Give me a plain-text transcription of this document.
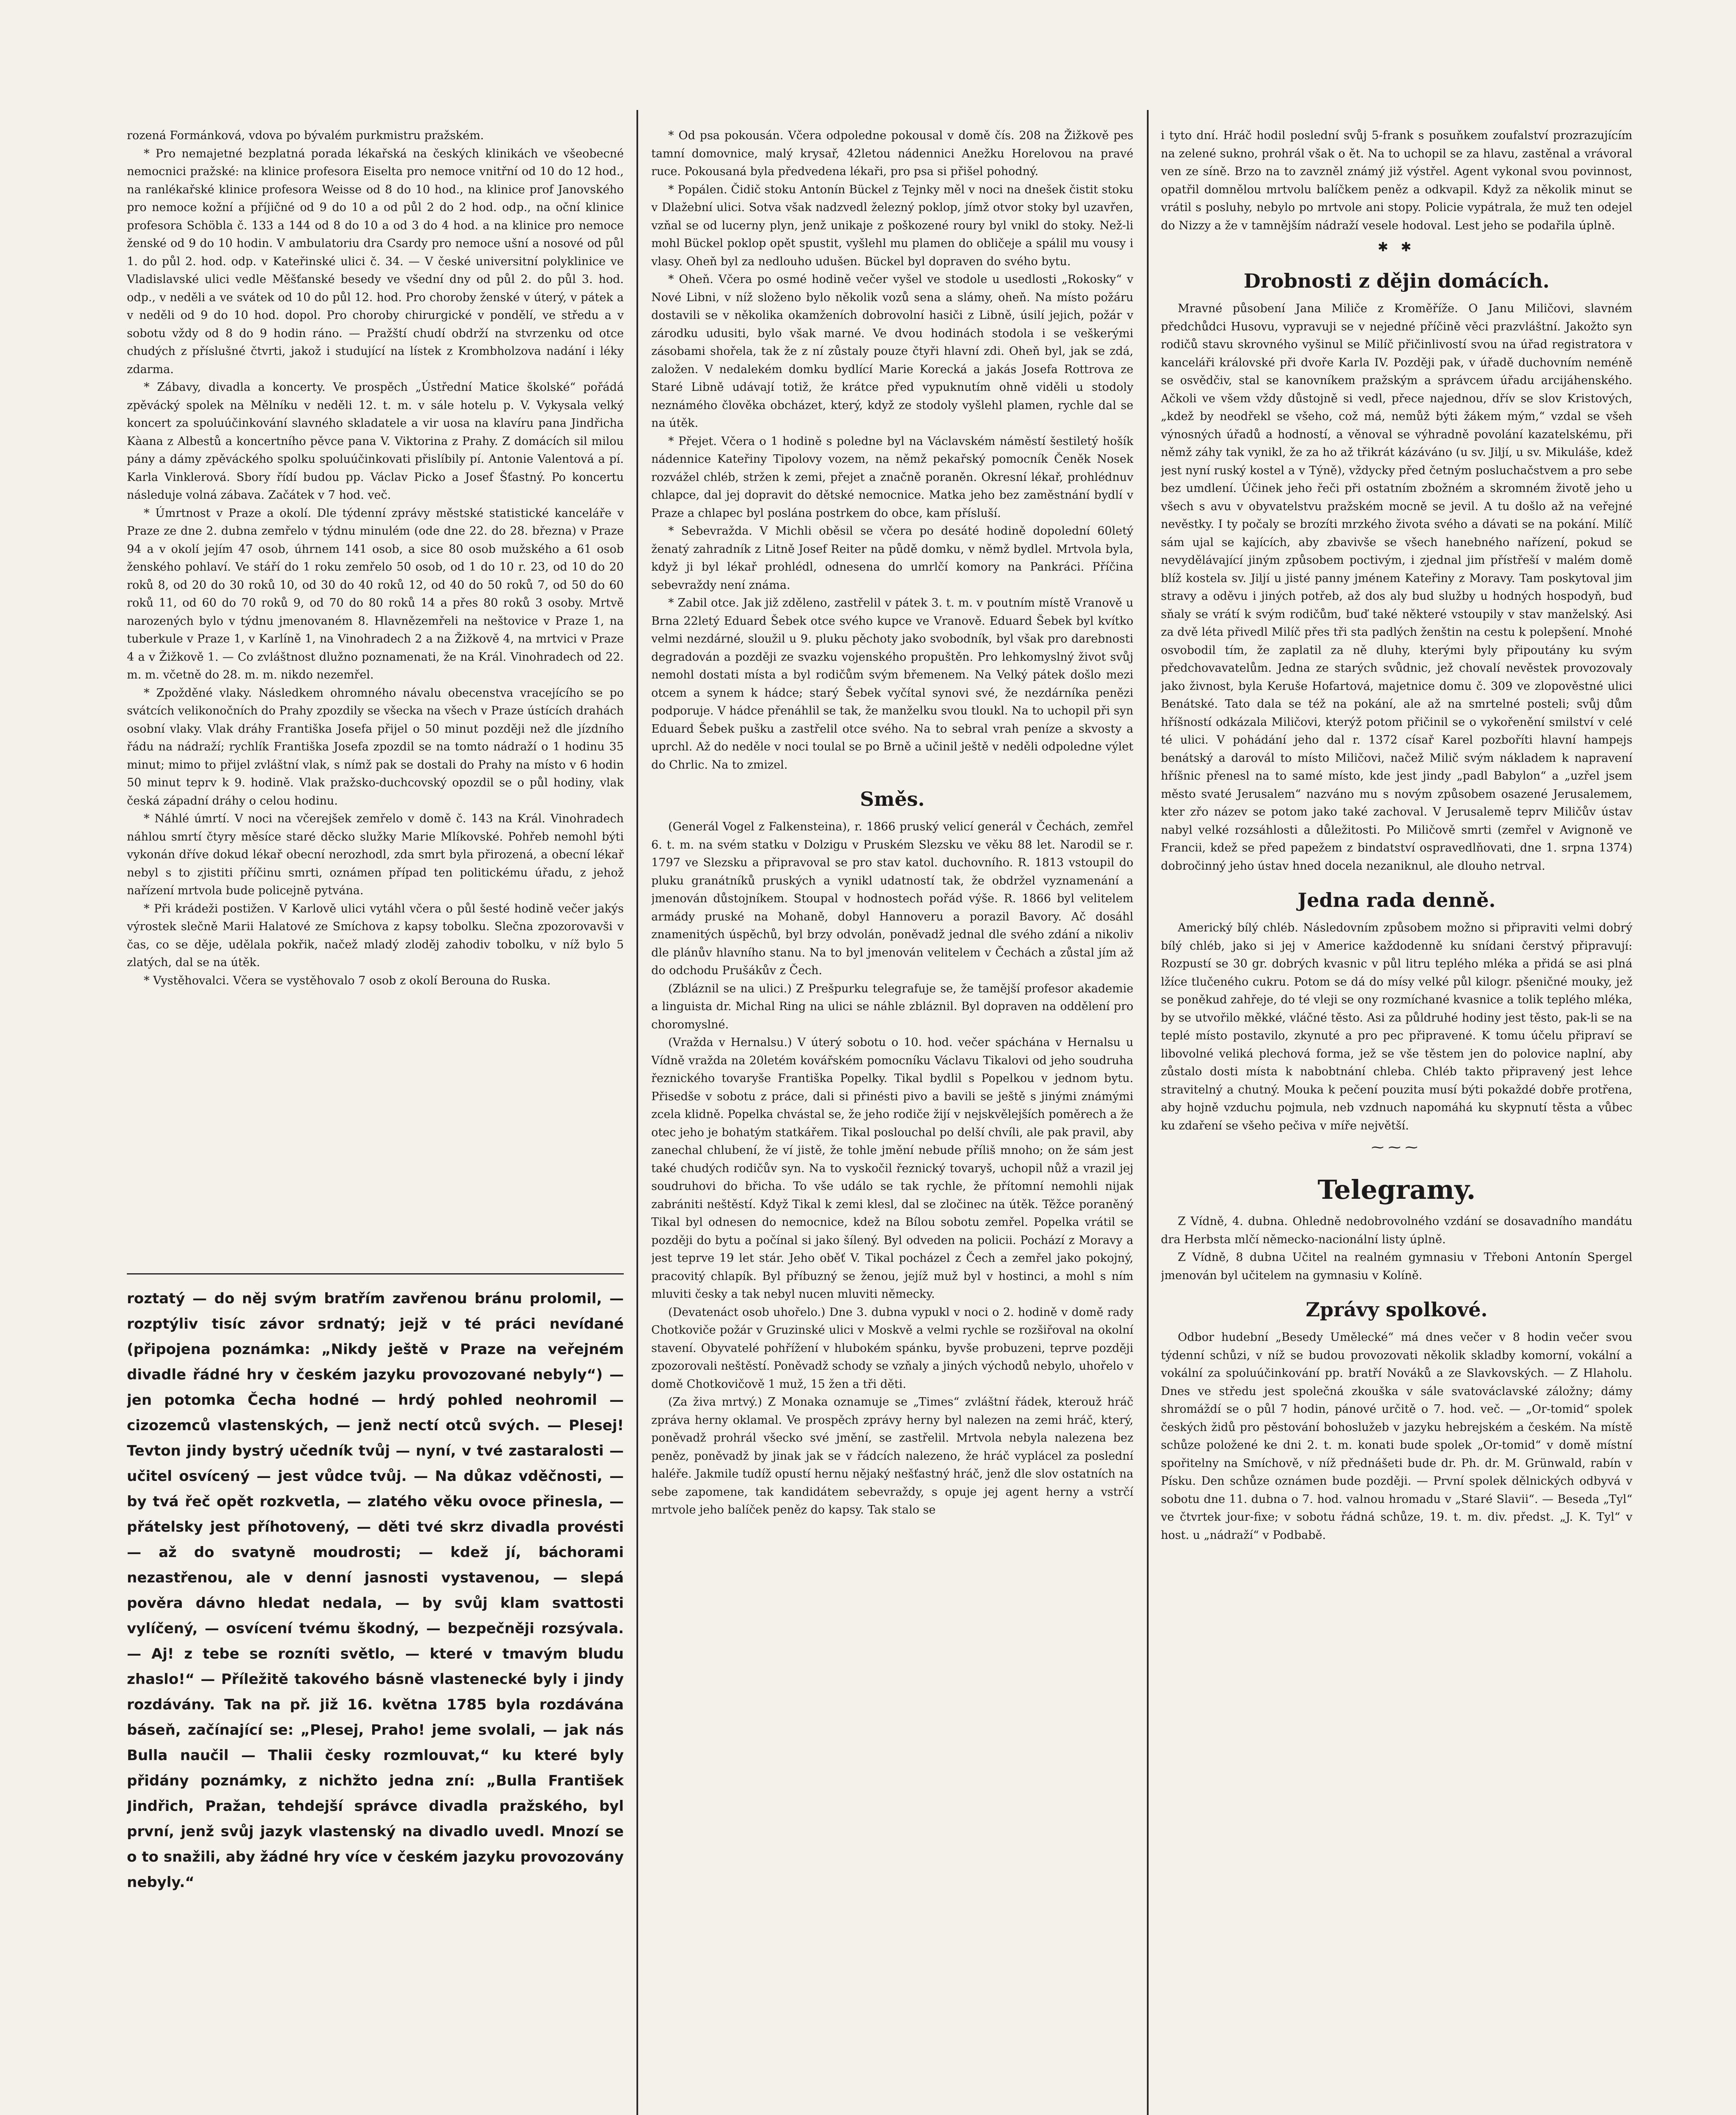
rozená Formánková, vdova po bývalém purkmistru pražském.

* Pro nemajetné bezplatná porada lékařská na českých klinikách ve všeobecné nemocnici pražské: na klinice profesora Eiselta pro nemoce vnitřní od 10 do 12 hod., na ranlékařské klinice profesora Weisse od 8 do 10 hod., na klinice prof Janovského pro nemoce kožní a příjičné od 9 do 10 a od půl 2 do 2 hod. odp., na oční klinice profesora Schöbla č. 133 a 144 od 8 do 10 a od 3 do 4 hod. a na klinice pro nemoce ženské od 9 do 10 hodin. V ambulatoriu dra Csardy pro nemoce ušní a nosové od půl 1. do půl 2. hod. odp. v Kateřinské ulici č. 34. — V české universitní polyklinice ve Vladislavské ulici vedle Měšťanské besedy ve všední dny od půl 2. do půl 3. hod. odp., v neděli a ve svátek od 10 do půl 12. hod. Pro choroby ženské v úterý, v pátek a v neděli od 9 do 10 hod. dopol. Pro choroby chirurgické v pondělí, ve středu a v sobotu vždy od 8 do 9 hodin ráno. — Pražští chudí obdrží na stvrzenku od otce chudých z příslušné čtvrti, jakož i studující na lístek z Krombholzova nadání i léky zdarma.

* Zábavy, divadla a koncerty. Ve prospěch „Ústřední Matice školské“ pořádá zpěvácký spolek na Mělníku v neděli 12. t. m. v sále hotelu p. V. Vykysala velký koncert za spoluúčinkování slavného skladatele a vir uosa na klavíru pana Jindřicha Kàana z Albestů a koncertního pěvce pana V. Viktorina z Prahy. Z domácích sil milou pány a dámy zpěváckého spolku spoluúčinkovati přislíbily pí. Antonie Valentová a pí. Karla Vinklerová. Sbory řídí budou pp. Václav Picko a Josef Šťastný. Po koncertu následuje volná zábava. Začátek v 7 hod. več.

* Úmrtnost v Praze a okolí. Dle týdenní zprávy městské statistické kanceláře v Praze ze dne 2. dubna zemřelo v týdnu minulém (ode dne 22. do 28. března) v Praze 94 a v okolí jejím 47 osob, úhrnem 141 osob, a sice 80 osob mužského a 61 osob ženského pohlaví. Ve stáří do 1 roku zemřelo 50 osob, od 1 do 10 r. 23, od 10 do 20 roků 8, od 20 do 30 roků 10, od 30 do 40 roků 12, od 40 do 50 roků 7, od 50 do 60 roků 11, od 60 do 70 roků 9, od 70 do 80 roků 14 a přes 80 roků 3 osoby. Mrtvě narozených bylo v týdnu jmenovaném 8. Hlavnězemřeli na neštovice v Praze 1, na tuberkule v Praze 1, v Karlíně 1, na Vinohradech 2 a na Žižkově 4, na mrtvici v Praze 4 a v Žižkově 1. — Co zvláštnost dlužno poznamenati, že na Král. Vinohradech od 22. m. m. včetně do 28. m. m. nikdo nezemřel.

* Zpožděné vlaky. Následkem ohromného návalu obecenstva vracejícího se po svátcích velikonočních do Prahy zpozdily se všecka na všech v Praze ústících drahách osobní vlaky. Vlak dráhy Františka Josefa přijel o 50 minut později než dle jízdního řádu na nádraží; rychlík Františka Josefa zpozdil se na tomto nádraží o 1 hodinu 35 minut; mimo to přijel zvláštní vlak, s nímž pak se dostali do Prahy na místo v 6 hodin 50 minut teprv k 9. hodině. Vlak pražsko-duchcovský opozdil se o půl hodiny, vlak česká západní dráhy o celou hodinu.

* Náhlé úmrtí. V noci na včerejšek zemřelo v domě č. 143 na Král. Vinohradech náhlou smrtí čtyry měsíce staré děcko služky Marie Mlíkovské. Pohřeb nemohl býti vykonán dříve dokud lékař obecní nerozhodl, zda smrt byla přirozená, a obecní lékař nebyl s to zjistiti příčinu smrti, oznámen případ ten politickému úřadu, z jehož nařízení mrtvola bude policejně pytvána.

* Při krádeži postižen. V Karlově ulici vytáhl včera o půl šesté hodině večer jakýs výrostek slečně Marii Halatové ze Smíchova z kapsy tobolku. Slečna zpozorovavši v čas, co se děje, udělala pokřik, načež mladý zloděj zahodiv tobolku, v níž bylo 5 zlatých, dal se na útěk.

* Vystěhovalci. Včera se vystěhovalo 7 osob z okolí Berouna do Ruska.

roztatý — do něj svým bratřím zavřenou bránu prolomil, — rozptýliv tisíc závor srdnatý; jejž v té práci nevídané (připojena poznámka: „Nikdy ještě v Praze na veřejném divadle řádné hry v českém jazyku provozované nebyly“) — jen potomka Čecha hodné — hrdý pohled neohromil — cizozemců vlastenských, — jenž nectí otců svých. — Plesej! Tevton jindy bystrý učedník tvůj — nyní, v tvé zastaralosti — učitel osvícený — jest vůdce tvůj. — Na důkaz vděčnosti, — by tvá řeč opět rozkvetla, — zlatého věku ovoce přinesla, — přátelsky jest příhotovený, — děti tvé skrz divadla provésti — až do svatyně moudrosti; — kdež jí, báchorami nezastřenou, ale v denní jasnosti vystavenou, — slepá pověra dávno hledat nedala, — by svůj klam svattosti vylíčený, — osvícení tvému škodný, — bezpečněji rozsývala. — Aj! z tebe se rozníti světlo, — které v tmavým bludu zhaslo!“ — Příležitě takového básně vlastenecké byly i jindy rozdávány. Tak na př. již 16. května 1785 byla rozdávána báseň, začínající se: „Plesej, Praho! jeme svolali, — jak nás Bulla naučil — Thalii česky rozmlouvat,“ ku které byly přidány poznámky, z nichžto jedna zní: „Bulla František Jindřich, Pražan, tehdejší správce divadla pražského, byl první, jenž svůj jazyk vlastenský na divadlo uvedl. Mnozí se o to snažili, aby žádné hry více v českém jazyku provozovány nebyly.“

* Od psa pokousán. Včera odpoledne pokousal v domě čís. 208 na Žižkově pes tamní domovnice, malý krysař, 42letou nádennici Anežku Horelovou na pravé ruce. Pokousaná byla předvedena lékaři, pro psa si přišel pohodný.

* Popálen. Čidič stoku Antonín Bückel z Tejnky měl v noci na dnešek čistit stoku v Dlažební ulici. Sotva však nadzvedl železný poklop, jímž otvor stoky byl uzavřen, vzňal se od lucerny plyn, jenž unikaje z poškozené roury byl vnikl do stoky. Než-li mohl Bückel poklop opět spustit, vyšlehl mu plamen do obličeje a spálil mu vousy i vlasy. Oheň byl za nedlouho udušen. Bückel byl dopraven do svého bytu.

* Oheň. Včera po osmé hodině večer vyšel ve stodole u usedlosti „Rokosky“ v Nové Libni, v níž složeno bylo několik vozů sena a slámy, oheň. Na místo požáru dostavili se v několika okamženích dobrovolní hasiči z Libně, úsilí jejich, požár v zárodku udusiti, bylo však marné. Ve dvou hodinách stodola i se veškerými zásobami shořela, tak že z ní zůstaly pouze čtyři hlavní zdi. Oheň byl, jak se zdá, založen. V nedalekém domku bydlící Marie Korecká a jakás Josefa Rottrova ze Staré Libně udávají totiž, že krátce před vypuknutím ohně viděli u stodoly neznámého člověka obcházet, který, když ze stodoly vyšlehl plamen, rychle dal se na útěk.

* Přejet. Včera o 1 hodině s poledne byl na Václavském náměstí šestiletý hošík nádennice Kateřiny Tipolovy vozem, na němž pekařský pomocník Čeněk Nosek rozvážel chléb, stržen k zemi, přejet a značně poraněn. Okresní lékař, prohlédnuv chlapce, dal jej dopravit do dětské nemocnice. Matka jeho bez zaměstnání bydlí v Praze a chlapec byl poslána postrkem do obce, kam přísluší.

* Sebevražda. V Michli oběsil se včera po desáté hodině dopolední 60letý ženatý zahradník z Litně Josef Reiter na půdě domku, v němž bydlel. Mrtvola byla, když ji byl lékař prohlédl, odnesena do umrlčí komory na Pankráci. Příčina sebevraždy není známa.

* Zabil otce. Jak již zděleno, zastřelil v pátek 3. t. m. v poutním místě Vranově u Brna 22letý Eduard Šebek otce svého kupce ve Vranově. Eduard Šebek byl kvítko velmi nezdárné, sloužil u 9. pluku pěchoty jako svobodník, byl však pro darebnosti degradován a později ze svazku vojenského propuštěn. Pro lehkomyslný život svůj nemohl dostati místa a byl rodičům svým břemenem. Na Velký pátek došlo mezi otcem a synem k hádce; starý Šebek vyčítal synovi své, že nezdárníka penězi podporuje. V hádce přenáhlil se tak, že manželku svou tloukl. Na to uchopil při syn Eduard Šebek pušku a zastřelil otce svého. Na to sebral vrah peníze a skvosty a uprchl. Až do neděle v noci toulal se po Brně a učinil ještě v neděli odpoledne výlet do Chrlic. Na to zmizel.

Směs.

(Generál Vogel z Falkensteina), r. 1866 pruský velicí generál v Čechách, zemřel 6. t. m. na svém statku v Dolzigu v Pruském Slezsku ve věku 88 let. Narodil se r. 1797 ve Slezsku a připravoval se pro stav katol. duchovního. R. 1813 vstoupil do pluku granátníků pruských a vynikl udatností tak, že obdržel vyznamenání a jmenován důstojníkem. Stoupal v hodnostech pořád výše. R. 1866 byl velitelem armády pruské na Mohaně, dobyl Hannoveru a porazil Bavory. Ač dosáhl znamenitých úspěchů, byl brzy odvolán, poněvadž jednal dle svého zdání a nikoliv dle plánův hlavního stanu. Na to byl jmenován velitelem v Čechách a zůstal jím až do odchodu Prušákův z Čech.

(Zbláznil se na ulici.) Z Prešpurku telegrafuje se, že tamější profesor akademie a linguista dr. Michal Ring na ulici se náhle zbláznil. Byl dopraven na oddělení pro choromyslné.

(Vražda v Hernalsu.) V úterý sobotu o 10. hod. večer spáchána v Hernalsu u Vídně vražda na 20letém kovářském pomocníku Václavu Tikalovi od jeho soudruha řeznického tovaryše Františka Popelky. Tikal bydlil s Popelkou v jednom bytu. Přisedše v sobotu z práce, dali si přinésti pivo a bavili se ještě s jinými známými zcela klidně. Popelka chvástal se, že jeho rodiče žijí v nejskvělejších poměrech a že otec jeho je bohatým statkářem. Tikal poslouchal po delší chvíli, ale pak pravil, aby zanechal chlubení, že ví jistě, že tohle jmění nebude příliš mnoho; on že sám jest také chudých rodičův syn. Na to vyskočil řeznický tovaryš, uchopil nůž a vrazil jej soudruhovi do břicha. To vše událo se tak rychle, že přítomní nemohli nijak zabrániti neštěstí. Když Tikal k zemi klesl, dal se zločinec na útěk. Těžce poraněný Tikal byl odnesen do nemocnice, kdež na Bílou sobotu zemřel. Popelka vrátil se později do bytu a počínal si jako šílený. Byl odveden na policii. Pochází z Moravy a jest teprve 19 let stár. Jeho oběť V. Tikal pocházel z Čech a zemřel jako pokojný, pracovitý chlapík. Byl příbuzný se ženou, jejíž muž byl v hostinci, a mohl s ním mluviti česky a tak nebyl nucen mluviti německy.

(Devatenáct osob uhořelo.) Dne 3. dubna vypukl v noci o 2. hodině v domě rady Chotkoviče požár v Gruzinské ulici v Moskvě a velmi rychle se rozšiřoval na okolní stavení. Obyvatelé pohřížení v hlubokém spánku, byvše probuzeni, teprve později zpozorovali neštěstí. Poněvadž schody se vzňaly a jiných východů nebylo, uhořelo v domě Chotkovičově 1 muž, 15 žen a tři děti.

(Za živa mrtvý.) Z Monaka oznamuje se „Times“ zvláštní řádek, kterouž hráč zpráva herny oklamal. Ve prospěch zprávy herny byl nalezen na zemi hráč, který, poněvadž prohrál všecko své jmění, se zastřelil. Mrtvola nebyla nalezena bez peněz, poněvadž by jinak jak se v řádcích nalezeno, že hráč vyplácel za poslední haléře. Jakmile tudíž opustí hernu nějaký nešťastný hráč, jenž dle slov ostatních na sebe zapomene, tak kandidátem sebevraždy, s opuje jej agent herny a vstrčí mrtvole jeho balíček peněz do kapsy. Tak stalo se

i tyto dní. Hráč hodil poslední svůj 5-frank s posuňkem zoufalství prozrazujícím na zelené sukno, prohrál však o ět. Na to uchopil se za hlavu, zastěnal a vrávoral ven ze síně. Brzo na to zavzněl známý již výstřel. Agent vykonal svou povinnost, opatřil domnělou mrtvolu balíčkem peněz a odkvapil. Když za několik minut se vrátil s posluhy, nebylo po mrtvole ani stopy. Policie vypátrala, že muž ten odejel do Nizzy a že v tamnějším nádraží vesele hodoval. Lest jeho se podařila úplně.

✱ ✱
Drobnosti z dějin domácích.

Mravné působení Jana Miliče z Kroměříže. O Janu Miličovi, slavném předchůdci Husovu, vypravuji se v nejedné příčině věci prazvláštní. Jakožto syn rodičů stavu skrovného vyšinul se Milíč přičinlivostí svou na úřad registratora v kanceláři královské při dvoře Karla IV. Později pak, v úřadě duchovním neméně se osvědčiv, stal se kanovníkem pražským a správcem úřadu arcijáhenského. Ačkoli ve všem vždy důstojně si vedl, přece najednou, dřív se slov Kristových, „kdež by neodřekl se všeho, což má, nemůž býti žákem mým,“ vzdal se všeh výnosných úřadů a hodností, a věnoval se výhradně povolání kazatelskému, při němž záhy tak vynikl, že za ho až třikrát kázáváno (u sv. Jiljí, u sv. Mikuláše, kdež jest nyní ruský kostel a v Týně), vždycky před četným posluchačstvem a pro sebe bez umdlení. Účinek jeho řeči při ostatním zbožném a skromném životě jeho u všech s avu v obyvatelstvu pražském mocně se jevil. A tu došlo až na veřejné nevěstky. I ty počaly se brozíti mrzkého života svého a dávati se na pokání. Milíč sám ujal se kajících, aby zbavivše se všech hanebného nařízení, pokud se nevydělávající jiným způsobem poctivým, i zjednal jim přístřeší v malém domě blíž kostela sv. Jiljí u jisté panny jménem Kateřiny z Moravy. Tam poskytoval jim stravy a oděvu i jiných potřeb, až dos aly bud služby u hodných hospodyň, buď sňaly se vrátí k svým rodičům, buď také některé vstoupily v stav manželský. Asi za dvě léta přivedl Milíč přes tři sta padlých ženštin na cestu k polepšení. Mnohé osvobodil tím, že zaplatil za ně dluhy, kterými byly připoutány ku svým předchovavatelům. Jedna ze starých svůdnic, jež chovalí nevěstek provozovaly jako živnost, byla Keruše Hofartová, majetnice domu č. 309 ve zlopověstné ulici Benátské. Tato dala se též na pokání, ale až na smrtelné posteli; svůj dům hříšností odkázala Miličovi, kterýž potom přičinil se o vykořenění smilství v celé té ulici. V pohádání jeho dal r. 1372 císař Karel pozboříti hlavní hampejs benátský a darovál to místo Miličovi, načež Milič svým nákladem k napravení hříšnic přenesl na to samé místo, kde jest jindy „padl Babylon“ a „uzřel jsem město svaté Jerusalem“ nazváno mu s novým způsobem osazené Jerusalemem, kter zřo název se potom jako také zachoval. V Jerusalemě teprv Miličův ústav nabyl velké rozsáhlosti a důležitosti. Po Miličově smrti (zemřel v Avignoně ve Francii, kdež se před papežem z bindatství ospravedlňovati, dne 1. srpna 1374) dobročinný jeho ústav hned docela nezaniknul, ale dlouho netrval.

Jedna rada denně.

Americký bílý chléb. Následovním způsobem možno si připraviti velmi dobrý bílý chléb, jako si jej v Americe každodenně ku snídani čerstvý připravují: Rozpustí se 30 gr. dobrých kvasnic v půl litru teplého mléka a přidá se asi plná lžíce tlučeného cukru. Potom se dá do mísy velké půl kilogr. pšeničné mouky, jež se poněkud zahřeje, do té vleji se ony rozmíchané kvasnice a tolik teplého mléka, by se utvořilo měkké, vláčné těsto. Asi za půldruhé hodiny jest těsto, pak-li se na teplé místo postavilo, zkynuté a pro pec připravené. K tomu účelu připraví se libovolné veliká plechová forma, jež se vše těstem jen do polovice naplní, aby zůstalo dosti místa k nabobtnání chleba. Chléb takto připravený jest lehce stravitelný a chutný. Mouka k pečení pouzita musí býti pokaždé dobře protřena, aby hojně vzduchu pojmula, neb vzdnuch napomáhá ku skypnutí těsta a vůbec ku zdaření se všeho pečiva v míře největší.

⁓⁓⁓
Telegramy.

Z Vídně, 4. dubna. Ohledně nedobrovolného vzdání se dosavadního mandátu dra Herbsta mlčí německo-nacionální listy úplně.

Z Vídně, 8 dubna Učitel na realném gymnasiu v Třeboni Antonín Spergel jmenován byl učitelem na gymnasiu v Kolíně.

Zprávy spolkové.

Odbor hudební „Besedy Umělecké“ má dnes večer v 8 hodin večer svou týdenní schůzi, v níž se budou provozovati několik skladby komorní, vokální a vokální za spoluúčinkování pp. bratří Nováků a ze Slavkovských. — Z Hlaholu. Dnes ve středu jest společná zkouška v sále svatováclavské záložny; dámy shromáždí se o půl 7 hodin, pánové určitě o 7. hod. več. — „Or-tomid“ spolek českých židů pro pěstování bohoslužeb v jazyku hebrejském a českém. Na místě schůze položené ke dni 2. t. m. konati bude spolek „Or-tomid“ v domě místní spořitelny na Smíchově, v níž přednášeti bude dr. Ph. dr. M. Grünwald, rabín v Písku. Den schůze oznámen bude později. — První spolek dělnických odbyvá v sobotu dne 11. dubna o 7. hod. valnou hromadu v „Staré Slavii“. — Beseda „Tyl“ ve čtvrtek jour-fixe; v sobotu řádná schůze, 19. t. m. div. předst. „J. K. Tyl“ v host. u „nádraží“ v Podbabě.
